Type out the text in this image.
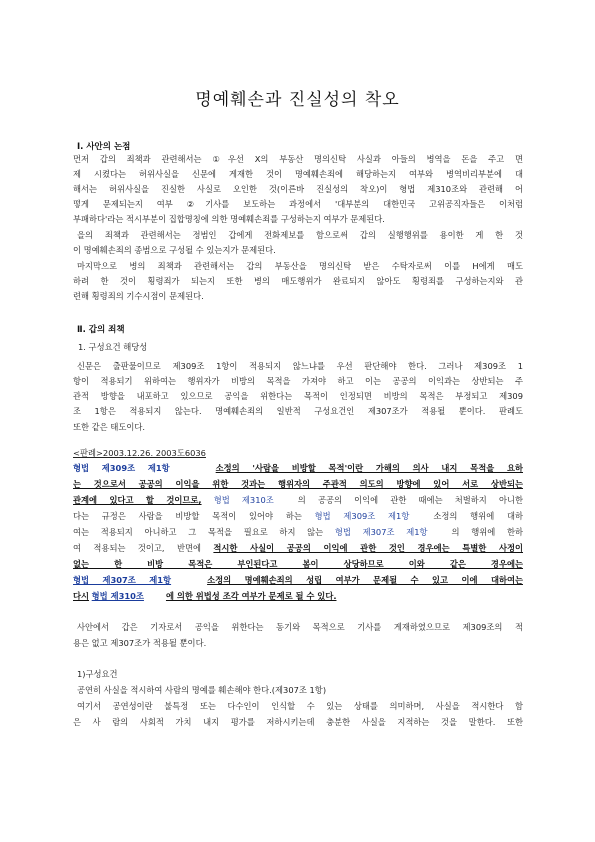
명예훼손과 진실성의 착오
Ⅰ. 사안의 논점
먼저 갑의 죄책과 관련해서는 ①우선 X의 부동산 명의신탁 사실과 아들의 병역을 돈을 주고 면
제 시켰다는 허위사실을 신문에 게재한 것이 명예훼손죄에 해당하는지 여부와 병역비리부분에 대
해서는 허위사실을 진실한 사실로 오인한 것(이른바 진실성의 착오)이 형법 제310조와 관련해 어
떻게 문제되는지 여부 ②기사를 보도하는 과정에서 '대부분의 대한민국 고위공직자들은 이처럼
부패하다'라는 적시부분이 집합명칭에 의한 명예훼손죄를 구성하는지 여부가 문제된다.
을의 죄책과 관련해서는 정범인 갑에게 전화제보를 함으로써 갑의 실행행위를 용이한 게 한 것
이 명예훼손죄의 종범으로 구성될 수 있는지가 문제된다.
마지막으로 병의 죄책과 관련해서는 갑의 부동산을 명의신탁 받은 수탁자로써 이를 H에게 매도
하려 한 것이 횡령죄가 되는지 또한 병의 매도행위가 완료되지 않아도 횡령죄를 구성하는지와 관
련해 횡령죄의 기수시점이 문제된다.
Ⅱ. 갑의 죄책
1. 구성요건 해당성
신문은 출판물이므로 제309조 1항이 적용되지 않느냐를 우선 판단해야 한다. 그러나 제309조 1
항이 적용되기 위하여는 행위자가 비방의 목적을 가져야 하고 이는 공공의 이익과는 상반되는 주
관적 방향을 내포하고 있으므로 공익을 위한다는 목적이 인정되면 비방의 목적은 부정되고 제309
조 1항은 적용되지 않는다. 명예훼손죄의 일반적 구성요건인 제307조가 적용될 뿐이다. 판례도
또한 같은 태도이다.
<판례>2003.12.26. 2003도6036
형법 제309조 제1항	소정의 '사람을 비방할 목적'이란 가해의 의사 내지 목적을 요하
는 것으로서 공공의 이익을 위한 것과는 행위자의 주관적 의도의 방향에 있어 서로 상반되는
관계에 있다고 할 것이므로, 형법 제310조	의 공공의 이익에 관한 때에는 처벌하지 아니한
다는 규정은 사람을 비방할 목적이 있어야 하는 형법 제309조 제1항	소정의 행위에 대하
여는 적용되지 아니하고 그 목적을 필요로 하지 않는 형법 제307조 제1항	의 행위에 한하
여 적용되는 것이고, 반면에 적시한 사실이 공공의 이익에 관한 것인 경우에는 특별한 사정이
없는 한 비방 목적은 부인된다고 봄이 상당하므로 이와 같은 경우에는
형법 제307조 제1항	소정의 명예훼손죄의 성립 여부가 문제될 수 있고 이에 대하여는
다시 형법 제310조	에 의한 위법성 조각 여부가 문제로 될 수 있다.
사안에서 갑은 기자로서 공익을 위한다는 동기와 목적으로 기사를 게재하였으므로 제309조의 적
용은 없고 제307조가 적용될 뿐이다.
1)구성요건
공연히 사실을 적시하여 사람의 명예를 훼손해야 한다.(제307조 1항)
여기서 공연성이란 불특정 또는 다수인이 인식할 수 있는 상태를 의미하며, 사실을 적시한다 함
은 사 람의 사회적 가치 내지 평가를 저하시키는데 충분한 사실을 지적하는 것을 말한다. 또한
